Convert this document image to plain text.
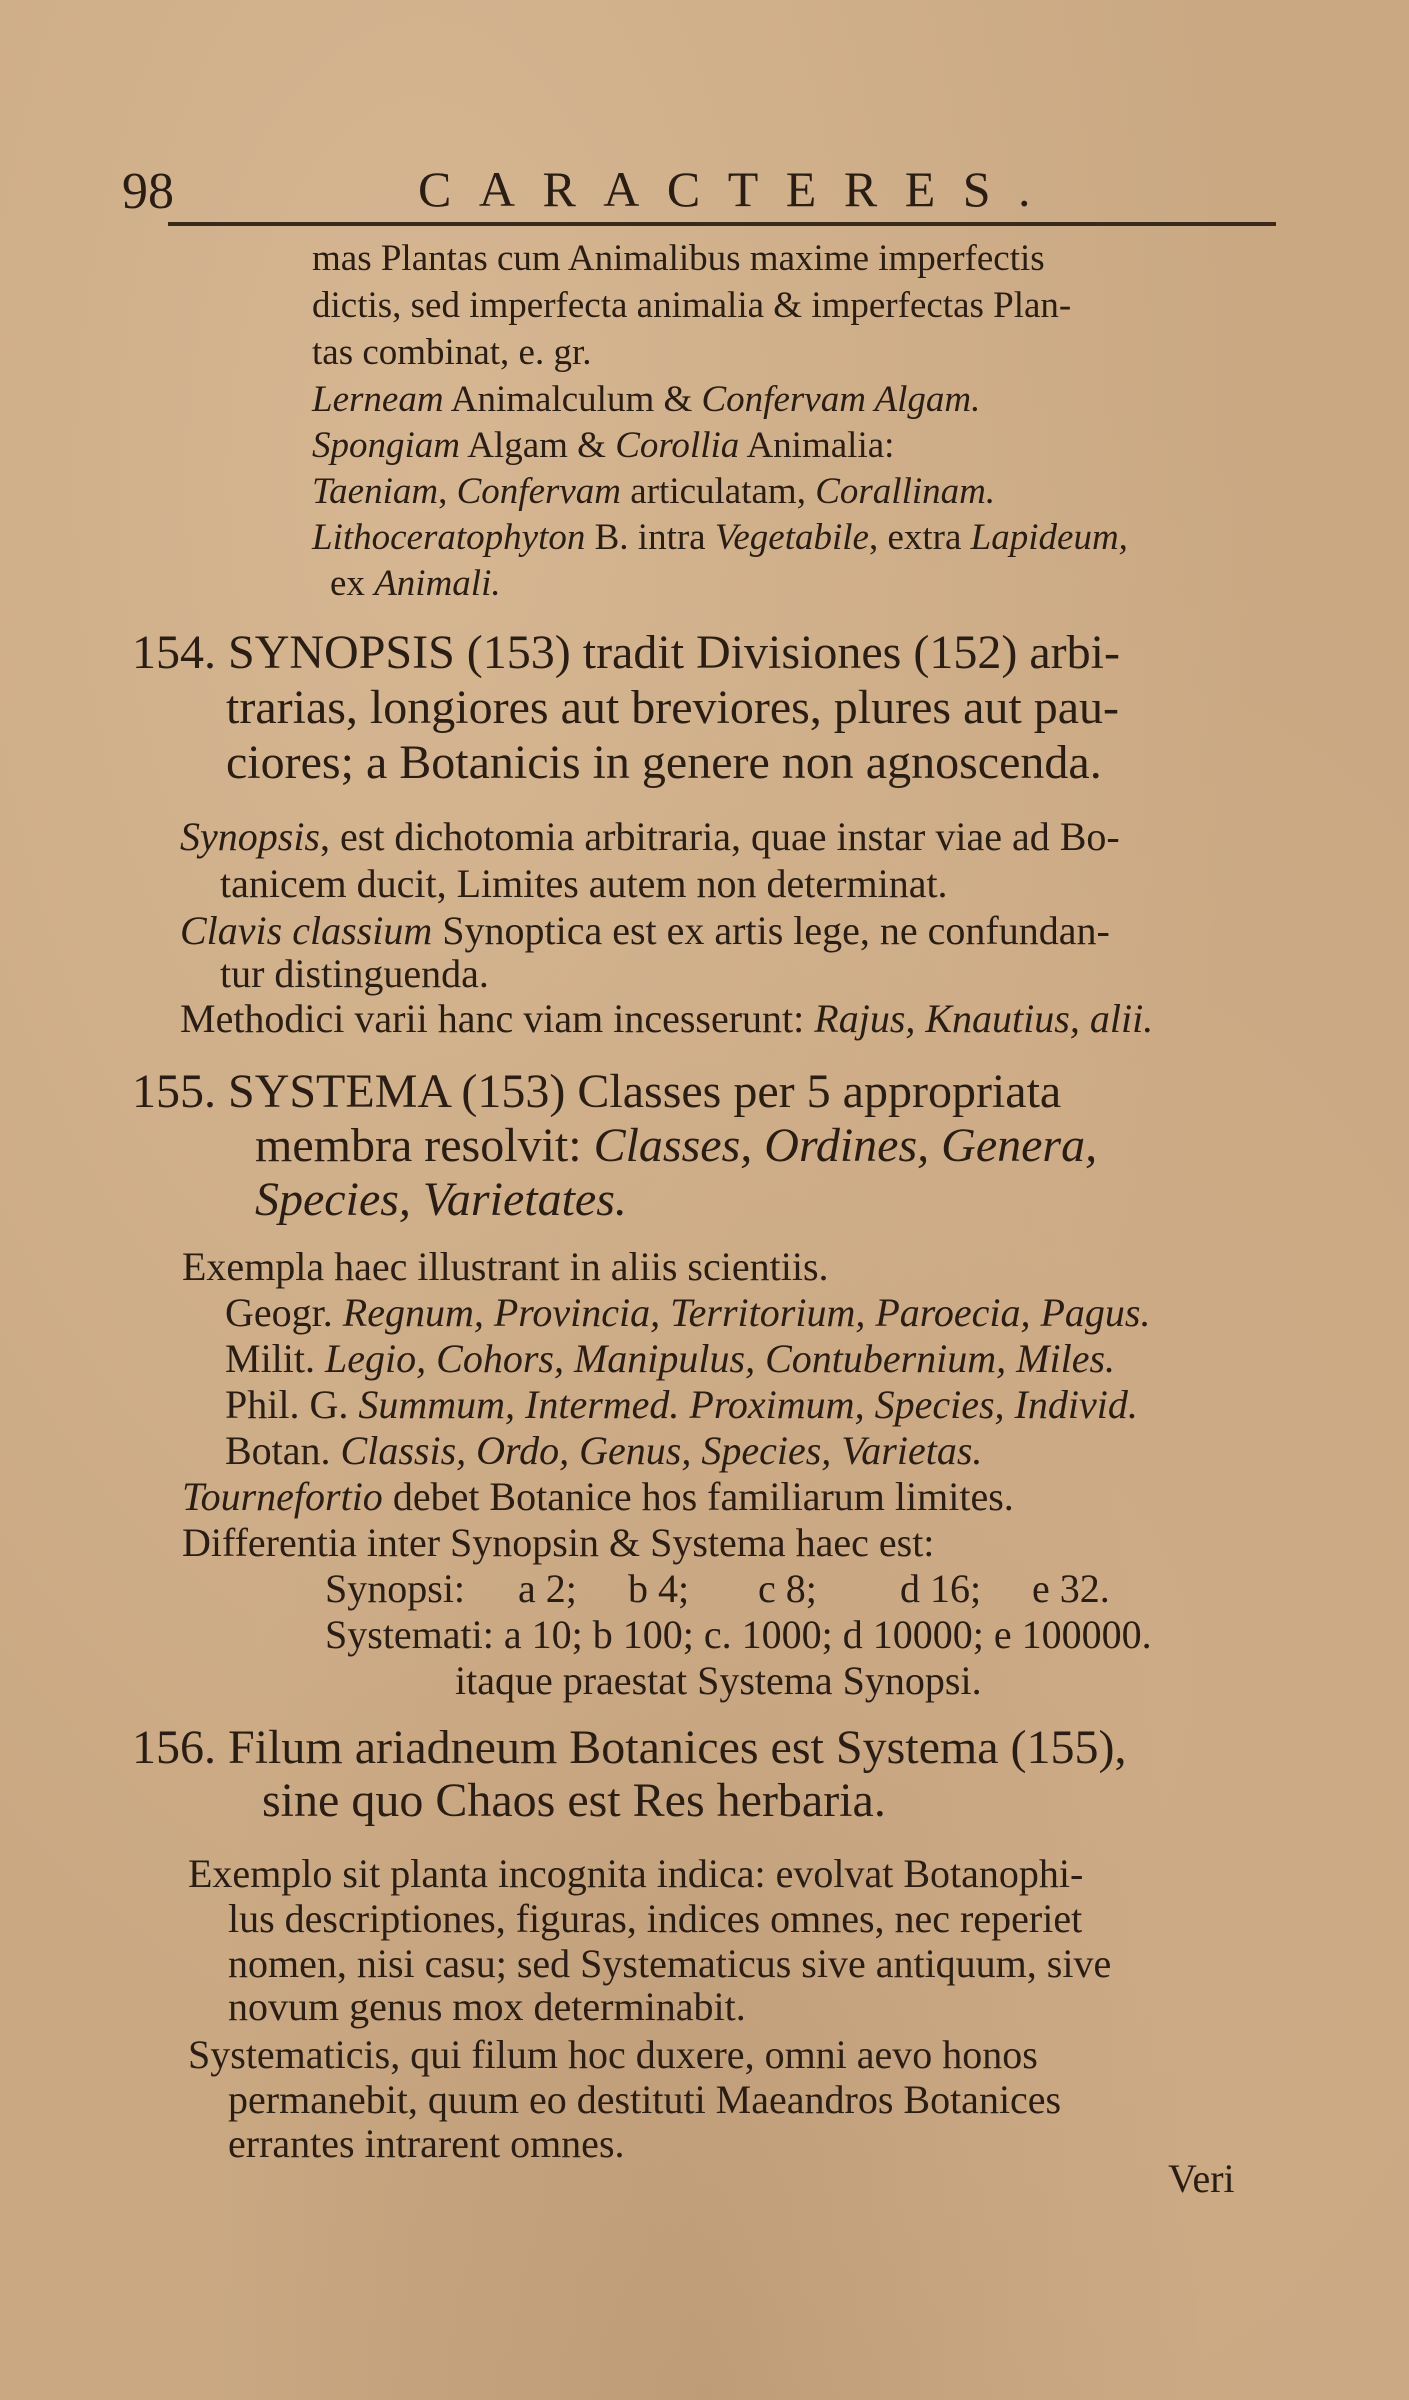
98	CARACTERES.
mas Plantas cum Animalibus maxime imperfectis
dictis, sed imperfecta animalia & imperfectas Plan-
tas combinat, e. gr.
Lerneam Animalculum & Confervam Algam.
Spongiam Algam & Corollia Animalia:
Taeniam, Confervam articulatam, Corallinam.
Lithoceratophyton B. intra Vegetabile, extra Lapideum,
ex Animali.
154. SYNOPSIS (153) tradit Divisiones (152) arbi-
trarias, longiores aut breviores, plures aut pau-
ciores; a Botanicis in genere non agnoscenda.
Synopsis, est dichotomia arbitraria, quae instar viae ad Bo-
tanicem ducit, Limites autem non determinat.
Clavis classium Synoptica est ex artis lege, ne confundan-
tur distinguenda.
Methodici varii hanc viam incesserunt: Rajus, Knautius, alii.
155. SYSTEMA (153) Classes per 5 appropriata
membra resolvit: Classes, Ordines, Genera,
Species, Varietates.
Exempla haec illustrant in aliis scientiis.
Geogr. Regnum, Provincia, Territorium, Paroecia, Pagus.
Milit. Legio, Cohors, Manipulus, Contubernium, Miles.
Phil. G. Summum, Intermed. Proximum, Species, Individ.
Botan. Classis, Ordo, Genus, Species, Varietas.
Tournefortio debet Botanice hos familiarum limites.
Differentia inter Synopsin & Systema haec est:
Synopsi: a 2; b 4; c 8; d 16; e 32.
Systemati: a 10; b 100; c. 1000; d 10000; e 100000.
itaque praestat Systema Synopsi.
156. Filum ariadneum Botanices est Systema (155),
sine quo Chaos est Res herbaria.
Exemplo sit planta incognita indica: evolvat Botanophi-
lus descriptiones, figuras, indices omnes, nec reperiet
nomen, nisi casu; sed Systematicus sive antiquum, sive
novum genus mox determinabit.
Systematicis, qui filum hoc duxere, omni aevo honos
permanebit, quum eo destituti Maeandros Botanices
errantes intrarent omnes.
Veri
